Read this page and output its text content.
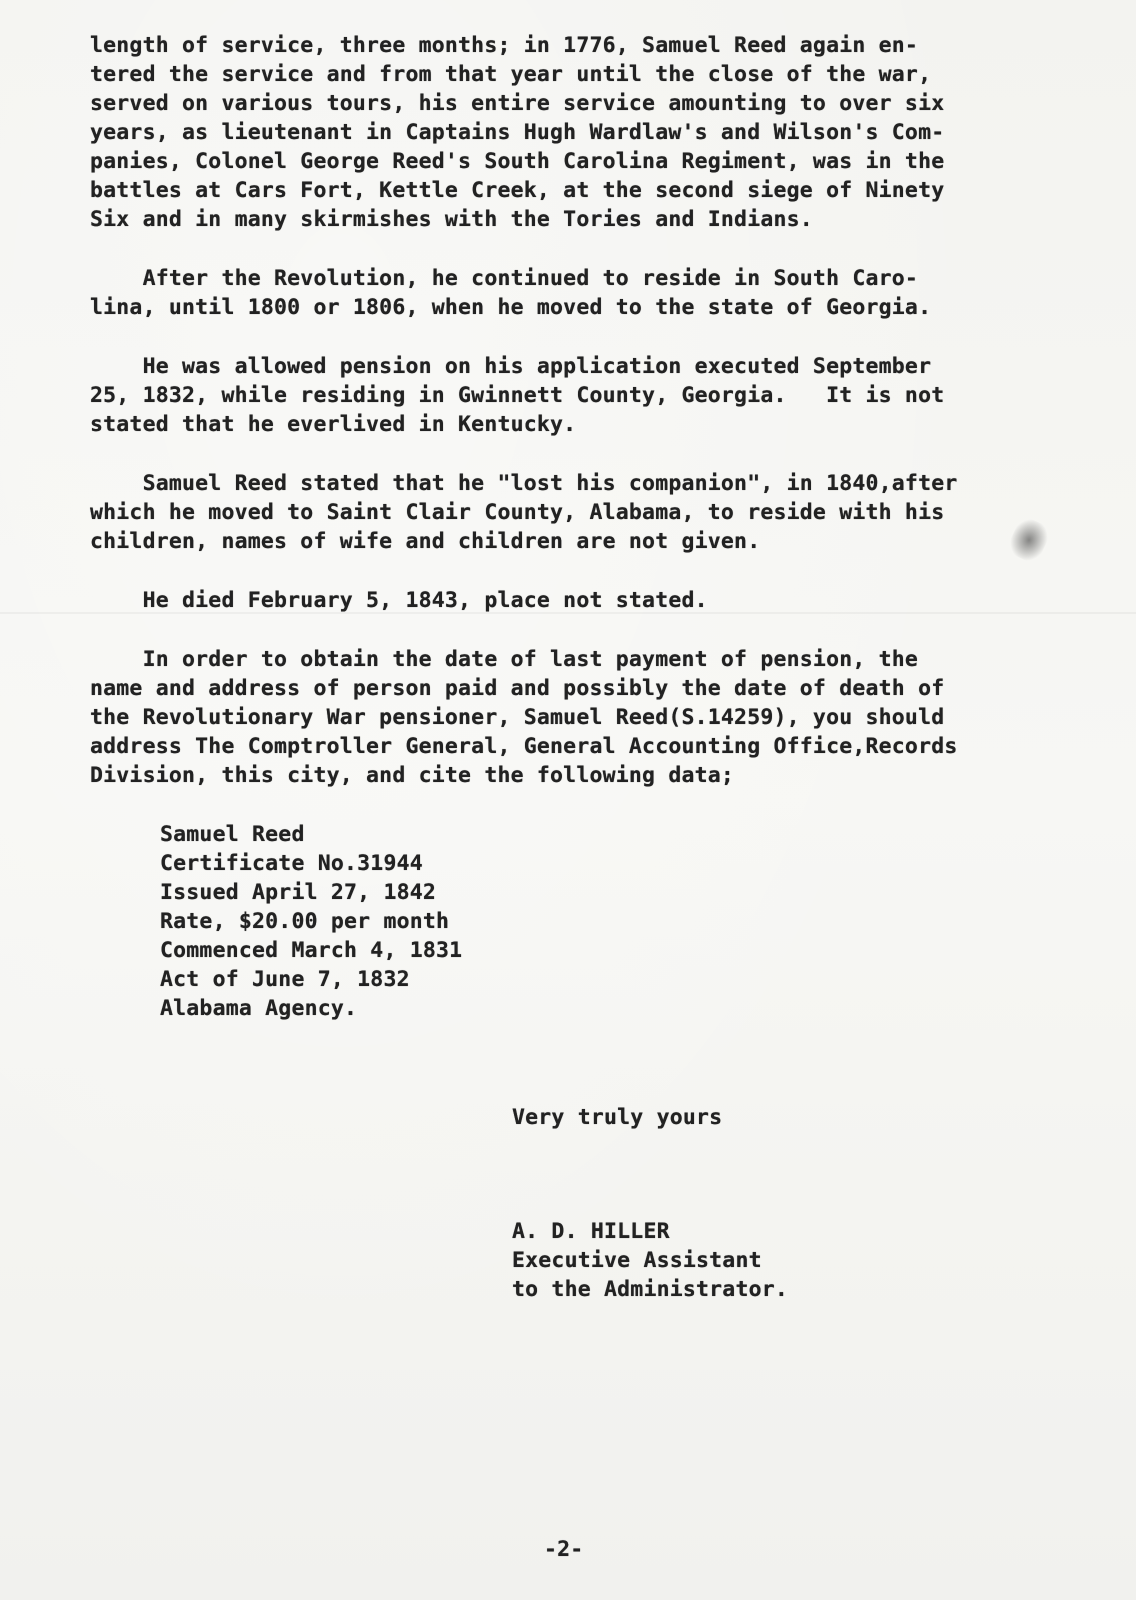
length of service, three months; in 1776, Samuel Reed again en-
tered the service and from that year until the close of the war,
served on various tours, his entire service amounting to over six
years, as lieutenant in Captains Hugh Wardlaw's and Wilson's Com-
panies, Colonel George Reed's South Carolina Regiment, was in the
battles at Cars Fort, Kettle Creek, at the second siege of Ninety
Six and in many skirmishes with the Tories and Indians.
After the Revolution, he continued to reside in South Caro-
lina, until 1800 or 1806, when he moved to the state of Georgia.
He was allowed pension on his application executed September
25, 1832, while residing in Gwinnett County, Georgia.   It is not
stated that he everlived in Kentucky.
Samuel Reed stated that he "lost his companion", in 1840,after
which he moved to Saint Clair County, Alabama, to reside with his
children, names of wife and children are not given.
He died February 5, 1843, place not stated.
In order to obtain the date of last payment of pension, the
name and address of person paid and possibly the date of death of
the Revolutionary War pensioner, Samuel Reed(S.14259), you should
address The Comptroller General, General Accounting Office,Records
Division, this city, and cite the following data;
Samuel Reed
Certificate No.31944
Issued April 27, 1842
Rate, $20.00 per month
Commenced March 4, 1831
Act of June 7, 1832
Alabama Agency.
Very truly yours
A. D. HILLER
Executive Assistant
to the Administrator.
-2-
